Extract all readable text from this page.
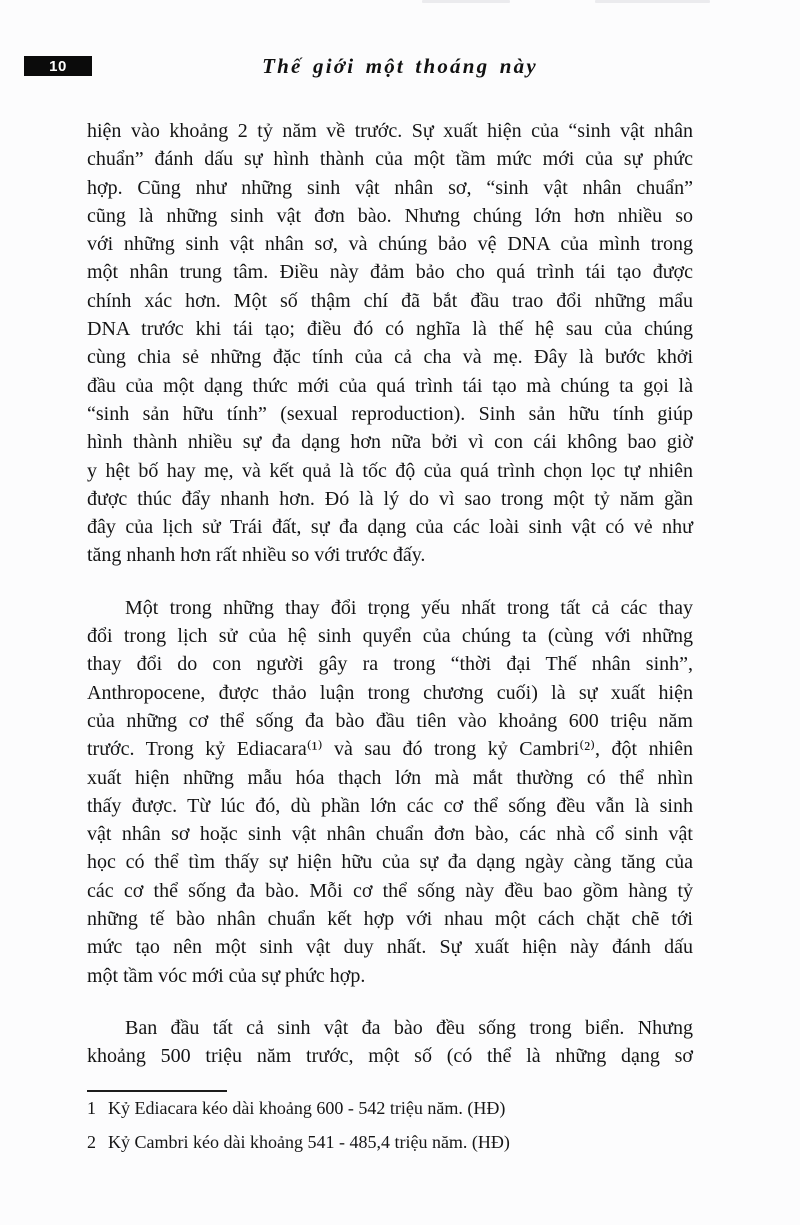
10	Thế giới một thoáng này
hiện vào khoảng 2 tỷ năm về trước. Sự xuất hiện của “sinh vật nhân
chuẩn” đánh dấu sự hình thành của một tầm mức mới của sự phức
hợp. Cũng như những sinh vật nhân sơ, “sinh vật nhân chuẩn”
cũng là những sinh vật đơn bào. Nhưng chúng lớn hơn nhiều so
với những sinh vật nhân sơ, và chúng bảo vệ DNA của mình trong
một nhân trung tâm. Điều này đảm bảo cho quá trình tái tạo được
chính xác hơn. Một số thậm chí đã bắt đầu trao đổi những mẩu
DNA trước khi tái tạo; điều đó có nghĩa là thế hệ sau của chúng
cùng chia sẻ những đặc tính của cả cha và mẹ. Đây là bước khởi
đầu của một dạng thức mới của quá trình tái tạo mà chúng ta gọi là
“sinh sản hữu tính” (sexual reproduction). Sinh sản hữu tính giúp
hình thành nhiều sự đa dạng hơn nữa bởi vì con cái không bao giờ
y hệt bố hay mẹ, và kết quả là tốc độ của quá trình chọn lọc tự nhiên
được thúc đẩy nhanh hơn. Đó là lý do vì sao trong một tỷ năm gần
đây của lịch sử Trái đất, sự đa dạng của các loài sinh vật có vẻ như
tăng nhanh hơn rất nhiều so với trước đấy.
Một trong những thay đổi trọng yếu nhất trong tất cả các thay
đổi trong lịch sử của hệ sinh quyển của chúng ta (cùng với những
thay đổi do con người gây ra trong “thời đại Thế nhân sinh”,
Anthropocene, được thảo luận trong chương cuối) là sự xuất hiện
của những cơ thể sống đa bào đầu tiên vào khoảng 600 triệu năm
trước. Trong kỷ Ediacara⁽¹⁾ và sau đó trong kỷ Cambri⁽²⁾, đột nhiên
xuất hiện những mẫu hóa thạch lớn mà mắt thường có thể nhìn
thấy được. Từ lúc đó, dù phần lớn các cơ thể sống đều vẫn là sinh
vật nhân sơ hoặc sinh vật nhân chuẩn đơn bào, các nhà cổ sinh vật
học có thể tìm thấy sự hiện hữu của sự đa dạng ngày càng tăng của
các cơ thể sống đa bào. Mỗi cơ thể sống này đều bao gồm hàng tỷ
những tế bào nhân chuẩn kết hợp với nhau một cách chặt chẽ tới
mức tạo nên một sinh vật duy nhất. Sự xuất hiện này đánh dấu
một tầm vóc mới của sự phức hợp.
Ban đầu tất cả sinh vật đa bào đều sống trong biển. Nhưng
khoảng 500 triệu năm trước, một số (có thể là những dạng sơ
1 Kỷ Ediacara kéo dài khoảng 600 - 542 triệu năm. (HĐ)
2 Kỷ Cambri kéo dài khoảng 541 - 485,4 triệu năm. (HĐ)
